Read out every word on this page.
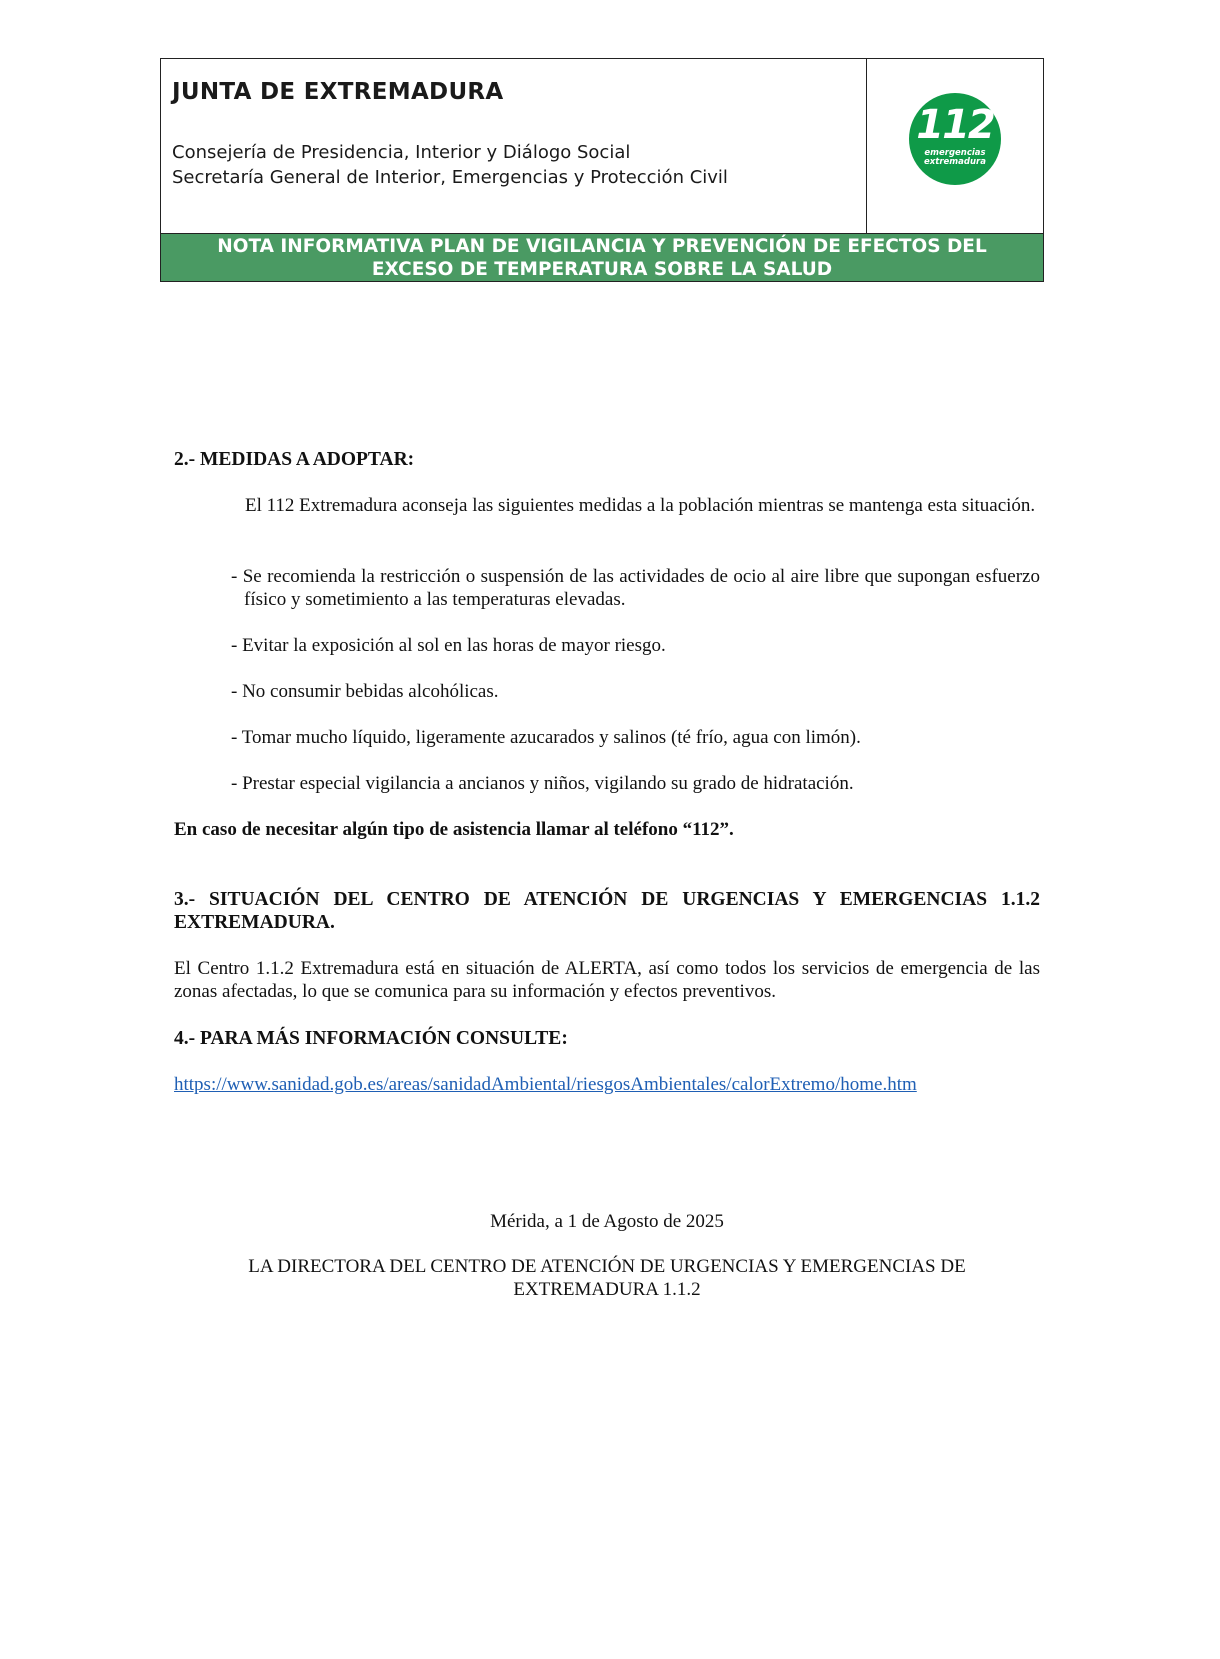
JUNTA DE EXTREMADURA
Consejería de Presidencia, Interior y Diálogo Social
Secretaría General de Interior, Emergencias y Protección Civil
112
emergencias
extremadura
NOTA INFORMATIVA PLAN DE VIGILANCIA Y PREVENCIÓN DE EFECTOS DEL
EXCESO DE TEMPERATURA SOBRE LA SALUD

2.- MEDIDAS A ADOPTAR:

El 112 Extremadura aconseja las siguientes medidas a la población mientras se mantenga esta situación.

- Se recomienda la restricción o suspensión de las actividades de ocio al aire libre que supongan esfuerzo físico y sometimiento a las temperaturas elevadas.
- Evitar la exposición al sol en las horas de mayor riesgo.
- No consumir bebidas alcohólicas.
- Tomar mucho líquido, ligeramente azucarados y salinos (té frío, agua con limón).
- Prestar especial vigilancia a ancianos y niños, vigilando su grado de hidratación.

En caso de necesitar algún tipo de asistencia llamar al teléfono “112”.

3.- SITUACIÓN DEL CENTRO DE ATENCIÓN DE URGENCIAS Y EMERGENCIAS 1.1.2 EXTREMADURA.

El Centro 1.1.2 Extremadura está en situación de ALERTA, así como todos los servicios de emergencia de las zonas afectadas, lo que se comunica para su información y efectos preventivos.

4.- PARA MÁS INFORMACIÓN CONSULTE:

https://www.sanidad.gob.es/areas/sanidadAmbiental/riesgosAmbientales/calorExtremo/home.htm

Mérida, a 1 de Agosto de 2025

LA DIRECTORA DEL CENTRO DE ATENCIÓN DE URGENCIAS Y EMERGENCIAS DE
EXTREMADURA 1.1.2
